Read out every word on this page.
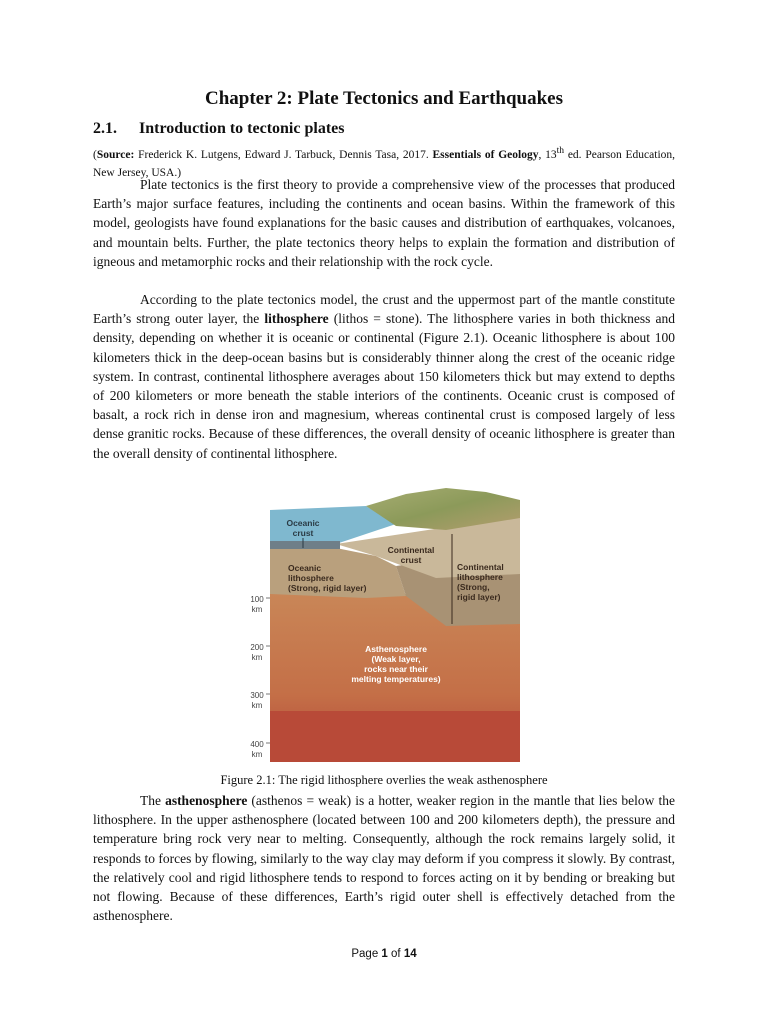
Chapter 2: Plate Tectonics and Earthquakes
2.1. Introduction to tectonic plates
(Source: Frederick K. Lutgens, Edward J. Tarbuck, Dennis Tasa, 2017. Essentials of Geology, 13th ed. Pearson Education, New Jersey, USA.)

Plate tectonics is the first theory to provide a comprehensive view of the processes that produced Earth’s major surface features, including the continents and ocean basins. Within the framework of this model, geologists have found explanations for the basic causes and distribution of earthquakes, volcanoes, and mountain belts. Further, the plate tectonics theory helps to explain the formation and distribution of igneous and metamorphic rocks and their relationship with the rock cycle.

According to the plate tectonics model, the crust and the uppermost part of the mantle constitute Earth’s strong outer layer, the lithosphere (lithos = stone). The lithosphere varies in both thickness and density, depending on whether it is oceanic or continental (Figure 2.1). Oceanic lithosphere is about 100 kilometers thick in the deep-ocean basins but is considerably thinner along the crest of the oceanic ridge system. In contrast, continental lithosphere averages about 150 kilometers thick but may extend to depths of 200 kilometers or more beneath the stable interiors of the continents. Oceanic crust is composed of basalt, a rock rich in dense iron and magnesium, whereas continental crust is composed largely of less dense granitic rocks. Because of these differences, the overall density of oceanic lithosphere is greater than the overall density of continental lithosphere.

Oceanic
crust
Continental
crust
Oceanic
lithosphere
(Strong, rigid layer)
Continental
lithosphere
(Strong,
rigid layer)
Asthenosphere
(Weak layer,
rocks near their
melting temperatures)
100
km
200
km
300
km
400
km
Figure 2.1: The rigid lithosphere overlies the weak asthenosphere

The asthenosphere (asthenos = weak) is a hotter, weaker region in the mantle that lies below the lithosphere. In the upper asthenosphere (located between 100 and 200 kilometers depth), the pressure and temperature bring rock very near to melting. Consequently, although the rock remains largely solid, it responds to forces by flowing, similarly to the way clay may deform if you compress it slowly. By contrast, the relatively cool and rigid lithosphere tends to respond to forces acting on it by bending or breaking but not flowing. Because of these differences, Earth’s rigid outer shell is effectively detached from the asthenosphere.

Page 1 of 14
